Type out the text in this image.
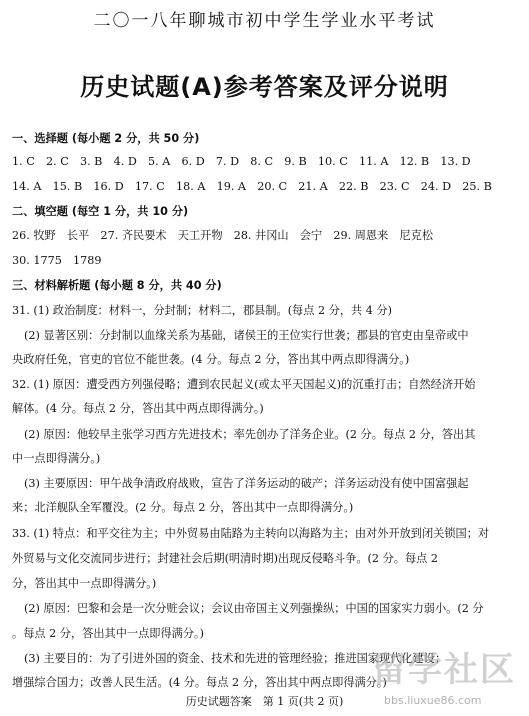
二〇一八年聊城市初中学生学业水平考试
历史试题(A)参考答案及评分说明
一、选择题 (每小题 2 分，共 50 分)
1. C　2. C　3. B　4. D　5. A　6. D　7. D　8. C　9. B　10. C　11. A　12. B　13. D
14. A　15. B　16. D　17. C　18. A　19. A　20. C　21. A　22. B　23. C　24. D　25. B
二、填空题 (每空 1 分，共 10 分)
26. 牧野　长平　27. 齐民要术　天工开物　28. 井冈山　会宁　29. 周恩来　尼克松
30. 1775　1789
三、材料解析题 (每小题 8 分，共 40 分)
31. (1) 政治制度：材料一，分封制；材料二，郡县制。(每点 2 分，共 4 分)
(2) 显著区别：分封制以血缘关系为基础，诸侯王的王位实行世袭；郡县的官吏由皇帝或中
央政府任免，官吏的官位不能世袭。(4 分。每点 2 分，答出其中两点即得满分。)
32. (1) 原因：遭受西方列强侵略；遭到农民起义(或太平天国起义)的沉重打击；自然经济开始
解体。(4 分。每点 2 分，答出其中两点即得满分。)
(2) 原因：他较早主张学习西方先进技术；率先创办了洋务企业。(2 分。每点 2 分，答出其
中一点即得满分。)
(3) 主要原因：甲午战争清政府战败，宣告了洋务运动的破产；洋务运动没有使中国富强起
来；北洋舰队全军覆没。(2 分。每点 2 分，答出其中一点即得满分。)
33. (1) 特点：和平交往为主；中外贸易由陆路为主转向以海路为主；由对外开放到闭关锁国；对
外贸易与文化交流同步进行；封建社会后期(明清时期)出现反侵略斗争。(2 分。每点 2
分，答出其中一点即得满分。)
(2) 原因：巴黎和会是一次分赃会议；会议由帝国主义列强操纵；中国的国家实力弱小。(2 分
。每点 2 分，答出其中一点即得满分。)
(3) 主要目的：为了引进外国的资金、技术和先进的管理经验；推进国家现代化建设；
增强综合国力；改善人民生活。(4 分。每点 2 分，答出其中两点即得满分。)
历史试题答案　第 1 页(共 2 页)
留学社区
bbs.liuxue86.com
